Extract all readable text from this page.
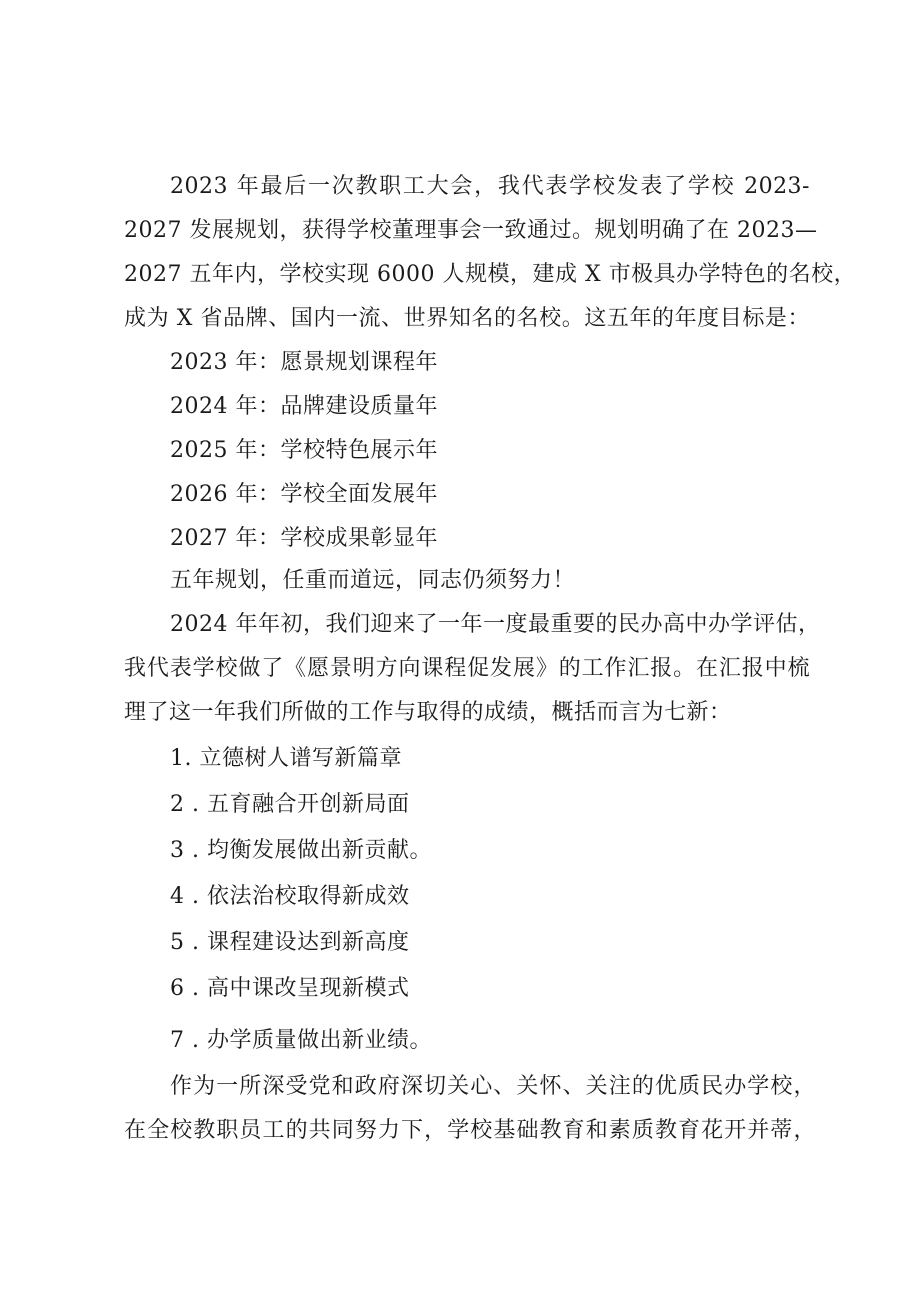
2023 年最后一次教职工大会，我代表学校发表了学校 2023-
2027 发展规划，获得学校董理事会一致通过。规划明确了在 2023—
2027 五年内，学校实现 6000 人规模，建成 X 市极具办学特色的名校，
成为 X 省品牌、国内一流、世界知名的名校。这五年的年度目标是：
2023 年：愿景规划课程年
2024 年：品牌建设质量年
2025 年：学校特色展示年
2026 年：学校全面发展年
2027 年：学校成果彰显年
五年规划，任重而道远，同志仍须努力！
2024 年年初，我们迎来了一年一度最重要的民办高中办学评估，
我代表学校做了《愿景明方向课程促发展》的工作汇报。在汇报中梳
理了这一年我们所做的工作与取得的成绩，概括而言为七新：
1. 立德树人谱写新篇章
2 . 五育融合开创新局面
3 . 均衡发展做出新贡献。
4 . 依法治校取得新成效
5 . 课程建设达到新高度
6 . 高中课改呈现新模式
7 . 办学质量做出新业绩。
作为一所深受党和政府深切关心、关怀、关注的优质民办学校，
在全校教职员工的共同努力下，学校基础教育和素质教育花开并蒂，
